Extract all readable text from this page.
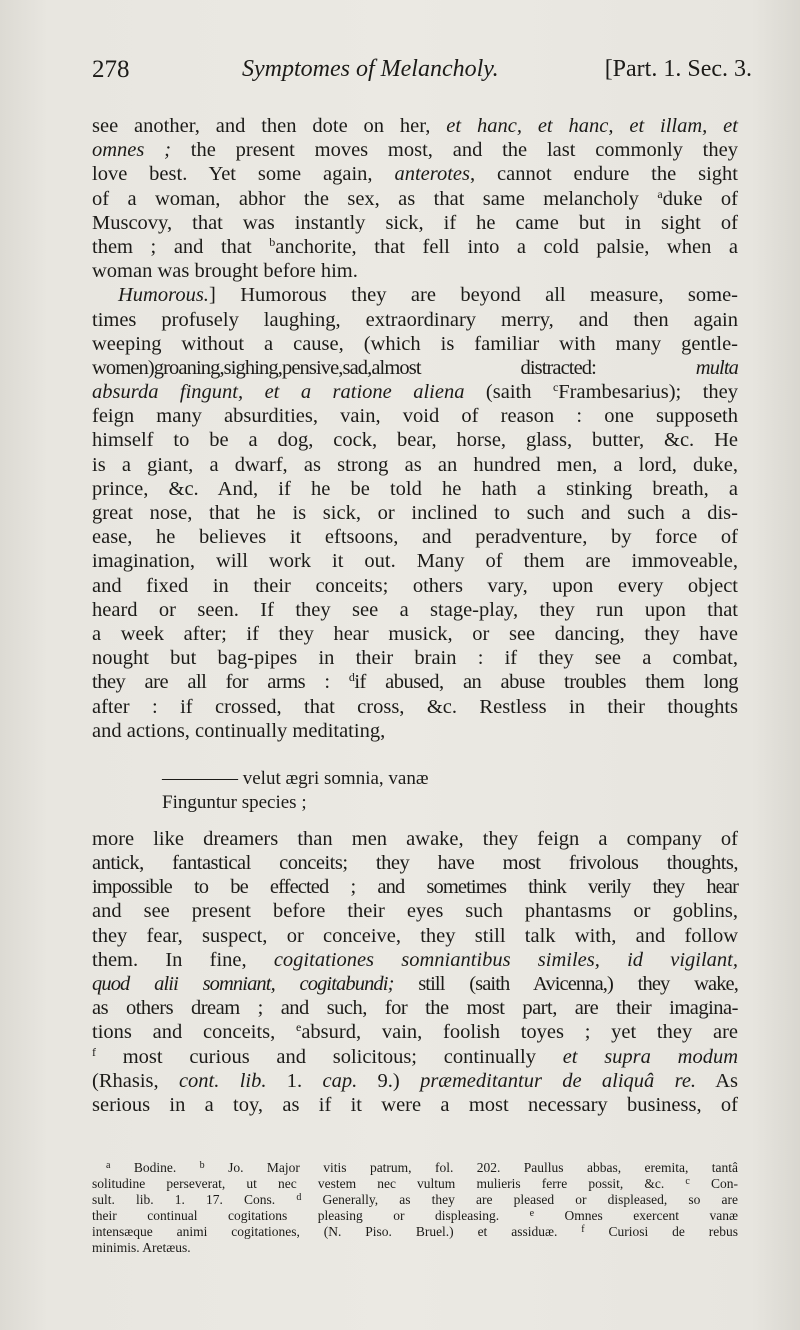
278	Symptomes of Melancholy.	[Part. 1. Sec. 3.
see another, and then dote on her, et hanc, et hanc, et illam, et
omnes ; the present moves most, and the last commonly they
love best. Yet some again, anterotes, cannot endure the sight
of a woman, abhor the sex, as that same melancholy $^a$duke of
Muscovy, that was instantly sick, if he came but in sight of
them ; and that $^b$anchorite, that fell into a cold palsie, when a
woman was brought before him.
Humorous.] Humorous they are beyond all measure, some-
times profusely laughing, extraordinary merry, and then again
weeping without a cause, (which is familiar with many gentle-
women)groaning,sighing,pensive,sad,almost distracted: multa
absurda fingunt, et a ratione aliena (saith $^c$Frambesarius); they
feign many absurdities, vain, void of reason : one supposeth
himself to be a dog, cock, bear, horse, glass, butter, &c. He
is a giant, a dwarf, as strong as an hundred men, a lord, duke,
prince, &c. And, if he be told he hath a stinking breath, a
great nose, that he is sick, or inclined to such and such a dis-
ease, he believes it eftsoons, and peradventure, by force of
imagination, will work it out. Many of them are immoveable,
and fixed in their conceits; others vary, upon every object
heard or seen. If they see a stage-play, they run upon that
a week after; if they hear musick, or see dancing, they have
nought but bag-pipes in their brain : if they see a combat,
they are all for arms : $^d$if abused, an abuse troubles them long
after : if crossed, that cross, &c. Restless in their thoughts
and actions, continually meditating,
———— velut ægri somnia, vanæ
Finguntur species ;
more like dreamers than men awake, they feign a company of
antick, fantastical conceits; they have most frivolous thoughts,
impossible to be effected ; and sometimes think verily they hear
and see present before their eyes such phantasms or goblins,
they fear, suspect, or conceive, they still talk with, and follow
them. In fine, cogitationes somniantibus similes, id vigilant,
quod alii somniant, cogitabundi; still (saith Avicenna,) they wake,
as others dream ; and such, for the most part, are their imagina-
tions and conceits, $^e$absurd, vain, foolish toyes ; yet they are
$^f$ most curious and solicitous; continually et supra modum
(Rhasis, cont. lib. 1. cap. 9.) præmeditantur de aliquâ re. As
serious in a toy, as if it were a most necessary business, of
$^a$ Bodine. $^b$ Jo. Major vitis patrum, fol. 202. Paullus abbas, eremita, tantâ
solitudine perseverat, ut nec vestem nec vultum mulieris ferre possit, &c. $^c$ Con-
sult. lib. 1. 17. Cons. $^d$ Generally, as they are pleased or displeased, so are
their continual cogitations pleasing or displeasing. $^e$ Omnes exercent vanæ
intensæque animi cogitationes, (N. Piso. Bruel.) et assiduæ. $^f$ Curiosi de rebus
minimis. Aretæus.
